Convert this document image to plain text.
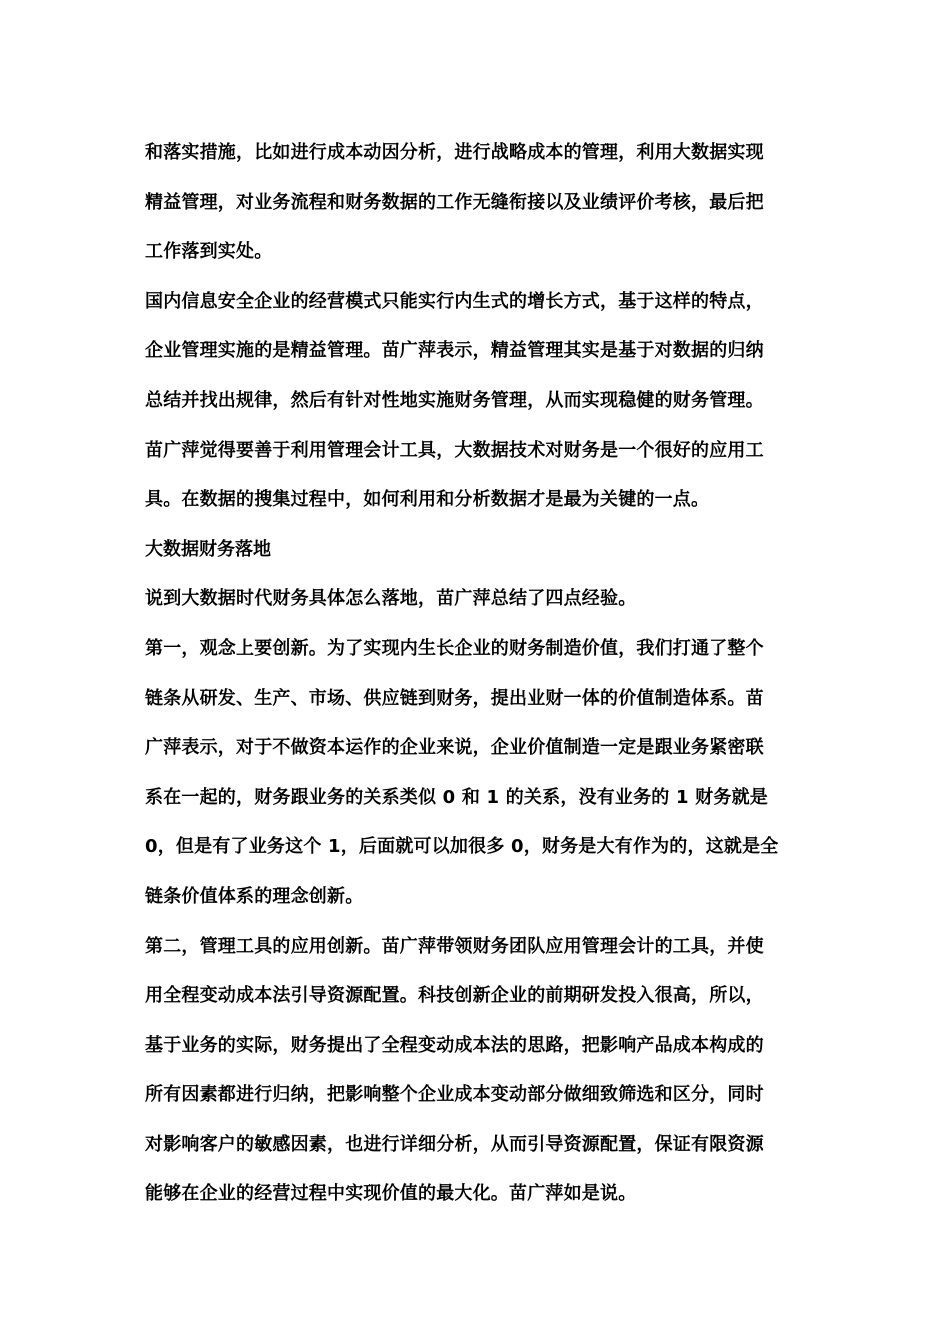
和落实措施，比如进行成本动因分析，进行战略成本的管理，利用大数据实现
精益管理，对业务流程和财务数据的工作无缝衔接以及业绩评价考核，最后把
工作落到实处。
国内信息安全企业的经营模式只能实行内生式的增长方式，基于这样的特点，
企业管理实施的是精益管理。苗广萍表示，精益管理其实是基于对数据的归纳
总结并找出规律，然后有针对性地实施财务管理，从而实现稳健的财务管理。
苗广萍觉得要善于利用管理会计工具，大数据技术对财务是一个很好的应用工
具。在数据的搜集过程中，如何利用和分析数据才是最为关键的一点。
大数据财务落地
说到大数据时代财务具体怎么落地，苗广萍总结了四点经验。
第一，观念上要创新。为了实现内生长企业的财务制造价值，我们打通了整个
链条从研发、生产、市场、供应链到财务，提出业财一体的价值制造体系。苗
广萍表示，对于不做资本运作的企业来说，企业价值制造一定是跟业务紧密联
系在一起的，财务跟业务的关系类似 0 和 1 的关系，没有业务的 1 财务就是
0，但是有了业务这个 1，后面就可以加很多 0，财务是大有作为的，这就是全
链条价值体系的理念创新。
第二，管理工具的应用创新。苗广萍带领财务团队应用管理会计的工具，并使
用全程变动成本法引导资源配置。科技创新企业的前期研发投入很高，所以，
基于业务的实际，财务提出了全程变动成本法的思路，把影响产品成本构成的
所有因素都进行归纳，把影响整个企业成本变动部分做细致筛选和区分，同时
对影响客户的敏感因素，也进行详细分析，从而引导资源配置，保证有限资源
能够在企业的经营过程中实现价值的最大化。苗广萍如是说。
